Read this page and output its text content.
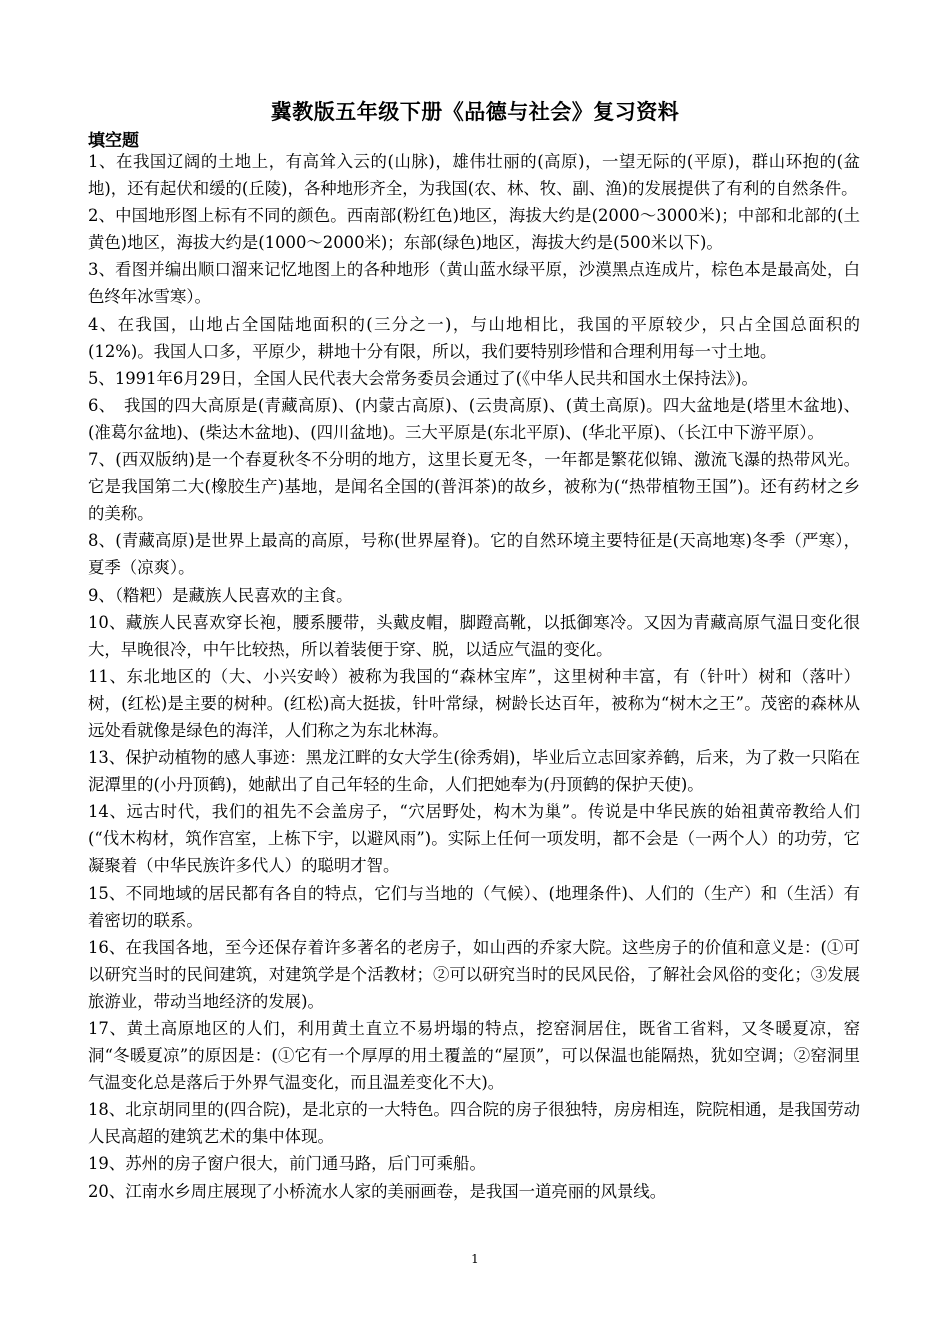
冀教版五年级下册《品德与社会》复习资料
填空题

1、在我国辽阔的土地上，有高耸入云的(山脉)，雄伟壮丽的(高原)，一望无际的(平原)，群山环抱的(盆地)，还有起伏和缓的(丘陵)，各种地形齐全，为我国(农、林、牧、副、渔)的发展提供了有利的自然条件。

2、中国地形图上标有不同的颜色。西南部(粉红色)地区，海拔大约是(2000～3000米)；中部和北部的(土黄色)地区，海拔大约是(1000～2000米)；东部(绿色)地区，海拔大约是(500米以下)。

3、看图并编出顺口溜来记忆地图上的各种地形（黄山蓝水绿平原，沙漠黑点连成片，棕色本是最高处，白色终年冰雪寒）。

4、在我国，山地占全国陆地面积的(三分之一)，与山地相比，我国的平原较少，只占全国总面积的(12%)。我国人口多，平原少，耕地十分有限，所以，我们要特别珍惜和合理利用每一寸土地。

5、1991年6月29日，全国人民代表大会常务委员会通过了(《中华人民共和国水土保持法》)。

6、　我国的四大高原是(青藏高原)、(内蒙古高原)、(云贵高原)、(黄土高原)。四大盆地是(塔里木盆地)、(准葛尔盆地)、(柴达木盆地)、(四川盆地)。三大平原是(东北平原)、(华北平原)、（长江中下游平原）。

7、(西双版纳)是一个春夏秋冬不分明的地方，这里长夏无冬，一年都是繁花似锦、激流飞瀑的热带风光。它是我国第二大(橡胶生产)基地，是闻名全国的(普洱茶)的故乡，被称为(“热带植物王国”)。还有药材之乡的美称。

8、(青藏高原)是世界上最高的高原，号称(世界屋脊)。它的自然环境主要特征是(天高地寒)冬季（严寒），夏季（凉爽）。

9、（糌粑）是藏族人民喜欢的主食。

10、藏族人民喜欢穿长袍，腰系腰带，头戴皮帽，脚蹬高靴，以抵御寒冷。又因为青藏高原气温日变化很大，早晚很冷，中午比较热，所以着装便于穿、脱，以适应气温的变化。

11、东北地区的（大、小兴安岭）被称为我国的“森林宝库”，这里树种丰富，有（针叶）树和（落叶）树，(红松)是主要的树种。(红松)高大挺拔，针叶常绿，树龄长达百年，被称为“树木之王”。茂密的森林从远处看就像是绿色的海洋，人们称之为东北林海。

13、保护动植物的感人事迹：黑龙江畔的女大学生(徐秀娟)，毕业后立志回家养鹤，后来，为了救一只陷在泥潭里的(小丹顶鹤)，她献出了自己年轻的生命，人们把她奉为(丹顶鹤的保护天使)。

14、远古时代，我们的祖先不会盖房子，“穴居野处，构木为巢”。传说是中华民族的始祖黄帝教给人们(“伐木构材，筑作宫室，上栋下宇，以避风雨”)。实际上任何一项发明，都不会是（一两个人）的功劳，它凝聚着（中华民族许多代人）的聪明才智。

15、不同地域的居民都有各自的特点，它们与当地的（气候）、(地理条件)、人们的（生产）和（生活）有着密切的联系。

16、在我国各地，至今还保存着许多著名的老房子，如山西的乔家大院。这些房子的价值和意义是：(①可以研究当时的民间建筑，对建筑学是个活教材；②可以研究当时的民风民俗，了解社会风俗的变化；③发展旅游业，带动当地经济的发展)。

17、黄土高原地区的人们，利用黄土直立不易坍塌的特点，挖窑洞居住，既省工省料，又冬暖夏凉，窑洞“冬暖夏凉”的原因是：(①它有一个厚厚的用土覆盖的“屋顶”，可以保温也能隔热，犹如空调；②窑洞里气温变化总是落后于外界气温变化，而且温差变化不大)。

18、北京胡同里的(四合院)，是北京的一大特色。四合院的房子很独特，房房相连，院院相通，是我国劳动人民高超的建筑艺术的集中体现。

19、苏州的房子窗户很大，前门通马路，后门可乘船。

20、江南水乡周庄展现了小桥流水人家的美丽画卷，是我国一道亮丽的风景线。

1
